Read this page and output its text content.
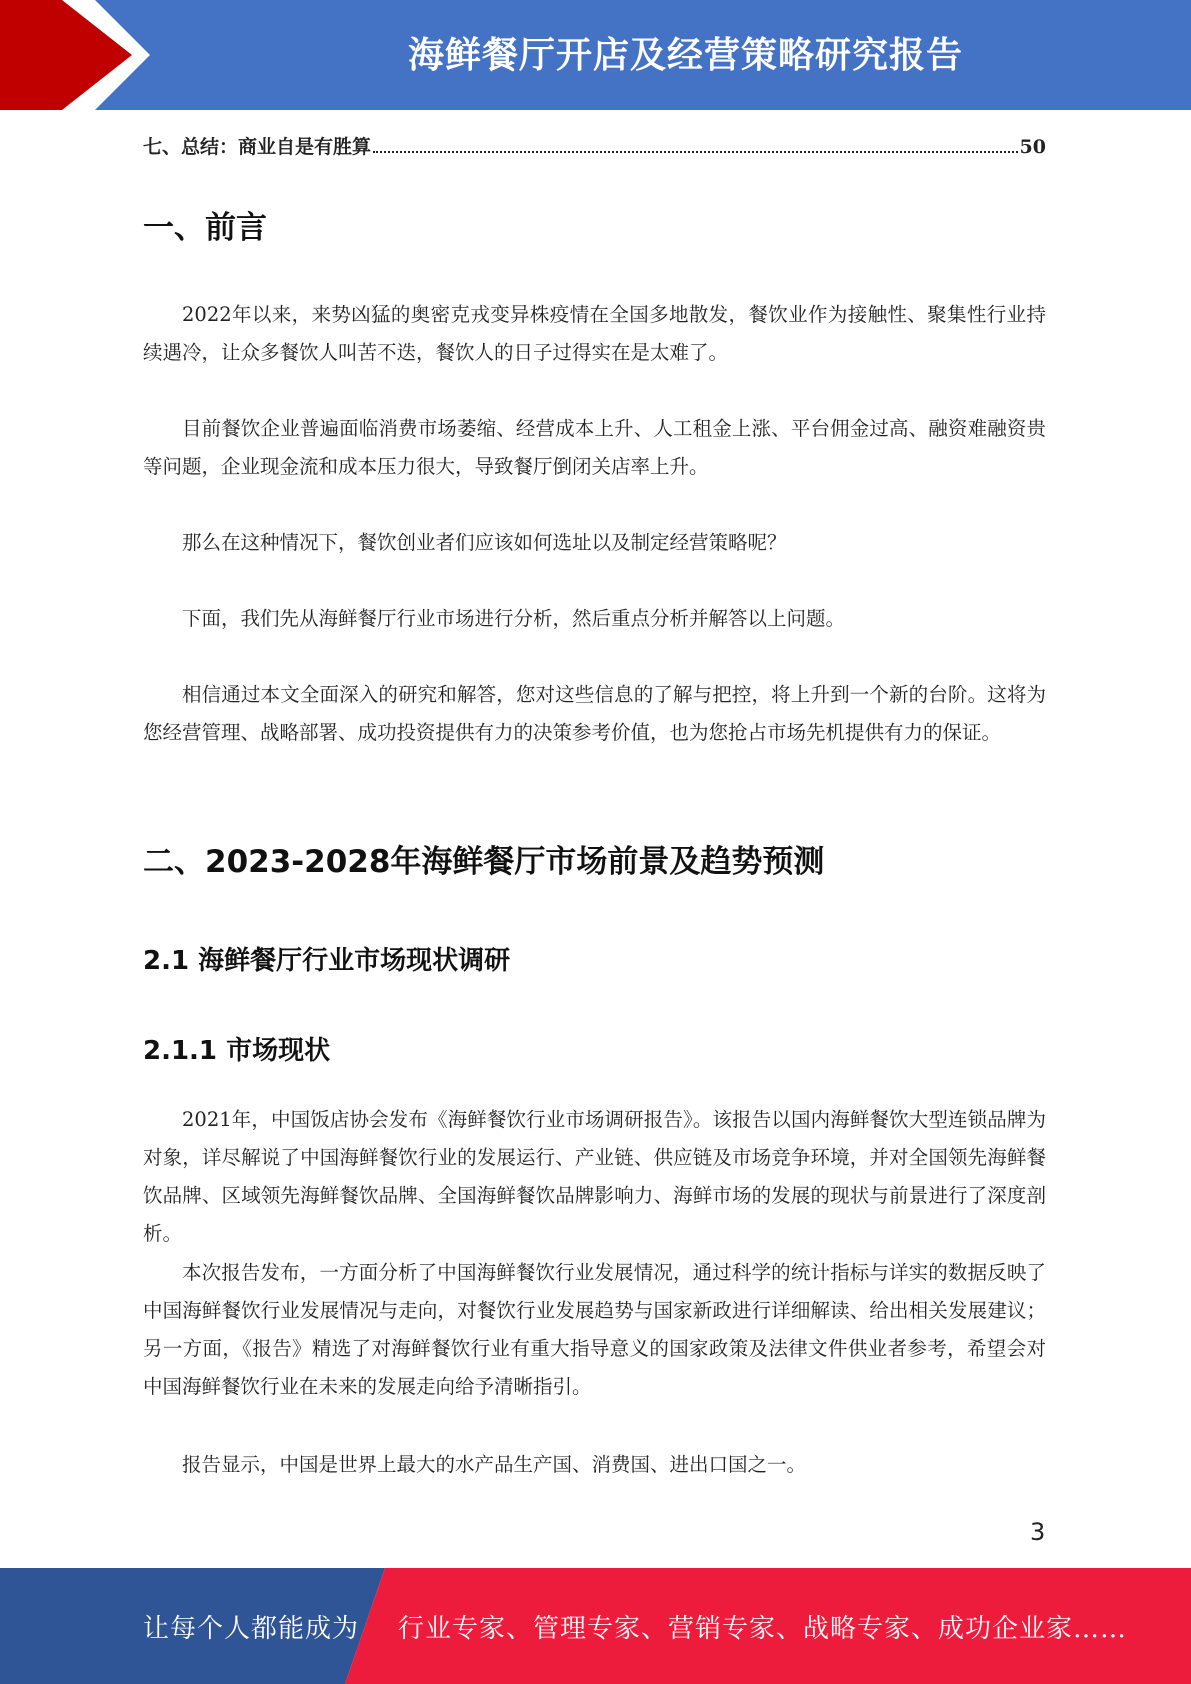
海鲜餐厅开店及经营策略研究报告
七、总结：商业自是有胜算	50
一、前言
2022年以来，来势凶猛的奥密克戎变异株疫情在全国多地散发，餐饮业作为接触性、聚集性行业持续遇冷，让众多餐饮人叫苦不迭，餐饮人的日子过得实在是太难了。
目前餐饮企业普遍面临消费市场萎缩、经营成本上升、人工租金上涨、平台佣金过高、融资难融资贵等问题，企业现金流和成本压力很大，导致餐厅倒闭关店率上升。
那么在这种情况下，餐饮创业者们应该如何选址以及制定经营策略呢？
下面，我们先从海鲜餐厅行业市场进行分析，然后重点分析并解答以上问题。
相信通过本文全面深入的研究和解答，您对这些信息的了解与把控，将上升到一个新的台阶。这将为您经营管理、战略部署、成功投资提供有力的决策参考价值，也为您抢占市场先机提供有力的保证。
二、2023-2028年海鲜餐厅市场前景及趋势预测
2.1 海鲜餐厅行业市场现状调研
2.1.1 市场现状
2021年，中国饭店协会发布《海鲜餐饮行业市场调研报告》。该报告以国内海鲜餐饮大型连锁品牌为对象，详尽解说了中国海鲜餐饮行业的发展运行、产业链、供应链及市场竞争环境，并对全国领先海鲜餐饮品牌、区域领先海鲜餐饮品牌、全国海鲜餐饮品牌影响力、海鲜市场的发展的现状与前景进行了深度剖析。
本次报告发布，一方面分析了中国海鲜餐饮行业发展情况，通过科学的统计指标与详实的数据反映了中国海鲜餐饮行业发展情况与走向，对餐饮行业发展趋势与国家新政进行详细解读、给出相关发展建议；另一方面，《报告》精选了对海鲜餐饮行业有重大指导意义的国家政策及法律文件供业者参考，希望会对中国海鲜餐饮行业在未来的发展走向给予清晰指引。
报告显示，中国是世界上最大的水产品生产国、消费国、进出口国之一。
3
让每个人都能成为 行业专家、管理专家、营销专家、战略专家、成功企业家……
